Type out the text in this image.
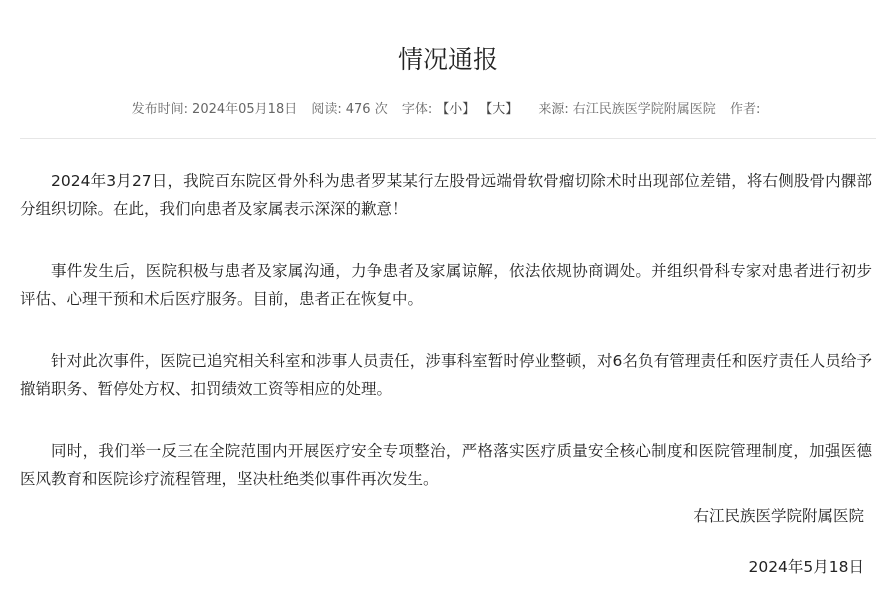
情况通报
发布时间: 2024年05月18日 阅读: 476 次 字体: 【小】 【大】 来源: 右江民族医学院附属医院 作者:

2024年3月27日，我院百东院区骨外科为患者罗某某行左股骨远端骨软骨瘤切除术时出现部位差错，将右侧股骨内髁部分组织切除。在此，我们向患者及家属表示深深的歉意！

事件发生后，医院积极与患者及家属沟通，力争患者及家属谅解，依法依规协商调处。并组织骨科专家对患者进行初步评估、心理干预和术后医疗服务。目前，患者正在恢复中。

针对此次事件，医院已追究相关科室和涉事人员责任，涉事科室暂时停业整顿，对6名负有管理责任和医疗责任人员给予撤销职务、暂停处方权、扣罚绩效工资等相应的处理。

同时，我们举一反三在全院范围内开展医疗安全专项整治，严格落实医疗质量安全核心制度和医院管理制度，加强医德医风教育和医院诊疗流程管理，坚决杜绝类似事件再次发生。

右江民族医学院附属医院
2024年5月18日
